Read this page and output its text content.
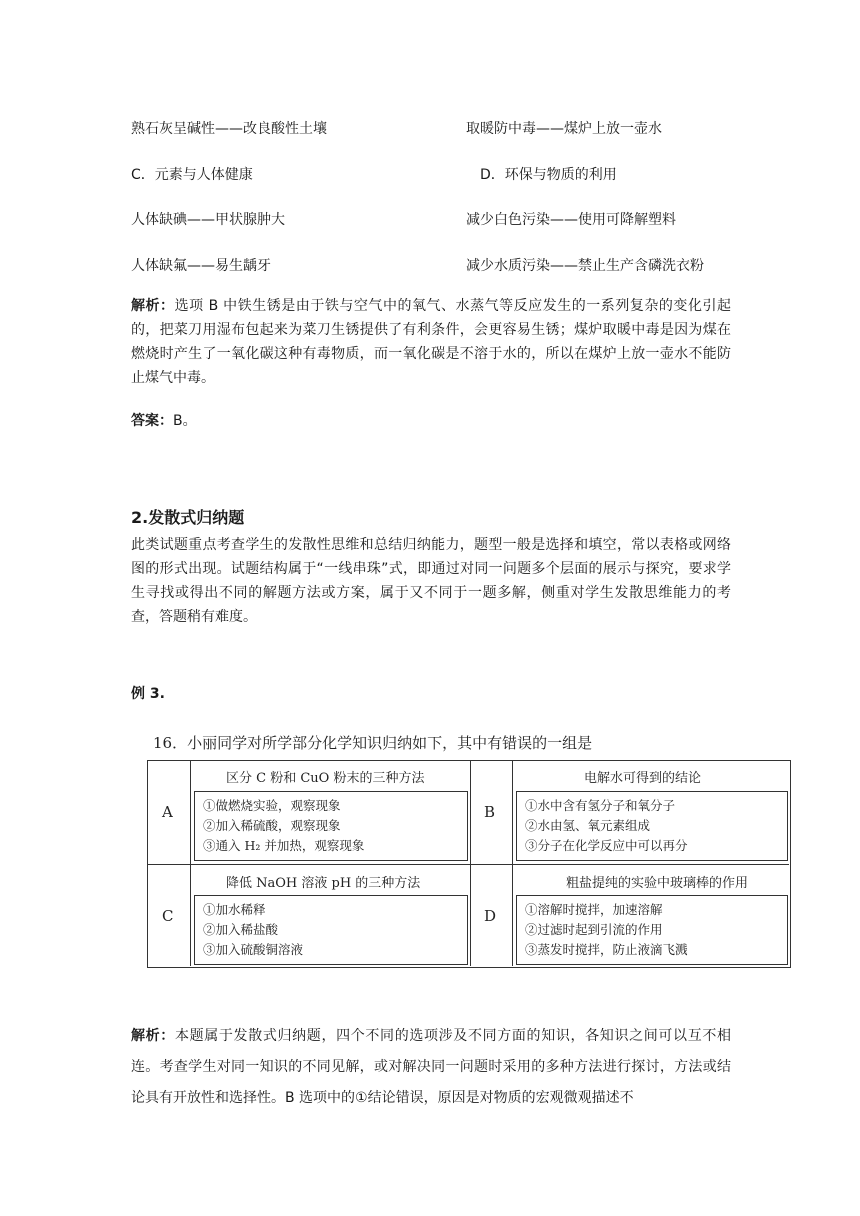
熟石灰呈碱性——改良酸性土壤	取暖防中毒——煤炉上放一壶水
C．元素与人体健康	D．环保与物质的利用
人体缺碘——甲状腺肿大	减少白色污染——使用可降解塑料
人体缺氟——易生龋牙	减少水质污染——禁止生产含磷洗衣粉
解析：选项 B 中铁生锈是由于铁与空气中的氧气、水蒸气等反应发生的一系列复杂的变化引起的，把菜刀用湿布包起来为菜刀生锈提供了有利条件，会更容易生锈；煤炉取暖中毒是因为煤在燃烧时产生了一氧化碳这种有毒物质，而一氧化碳是不溶于水的，所以在煤炉上放一壶水不能防止煤气中毒。
答案：B。
2.发散式归纳题
此类试题重点考查学生的发散性思维和总结归纳能力，题型一般是选择和填空，常以表格或网络图的形式出现。试题结构属于“一线串珠”式，即通过对同一问题多个层面的展示与探究，要求学生寻找或得出不同的解题方法或方案，属于又不同于一题多解，侧重对学生发散思维能力的考查，答题稍有难度。
例 3.
16．小丽同学对所学部分化学知识归纳如下，其中有错误的一组是
A
区分 C 粉和 CuO 粉末的三种方法
①做燃烧实验，观察现象
②加入稀硫酸，观察现象
③通入 H₂ 并加热，观察现象
B
电解水可得到的结论
①水中含有氢分子和氧分子
②水由氢、氧元素组成
③分子在化学反应中可以再分
C
降低 NaOH 溶液 pH 的三种方法
①加水稀释
②加入稀盐酸
③加入硫酸铜溶液
D
粗盐提纯的实验中玻璃棒的作用
①溶解时搅拌，加速溶解
②过滤时起到引流的作用
③蒸发时搅拌，防止液滴飞溅
解析：本题属于发散式归纳题，四个不同的选项涉及不同方面的知识，各知识之间可以互不相连。考查学生对同一知识的不同见解，或对解决同一问题时采用的多种方法进行探讨，方法或结论具有开放性和选择性。B 选项中的①结论错误，原因是对物质的宏观微观描述不
